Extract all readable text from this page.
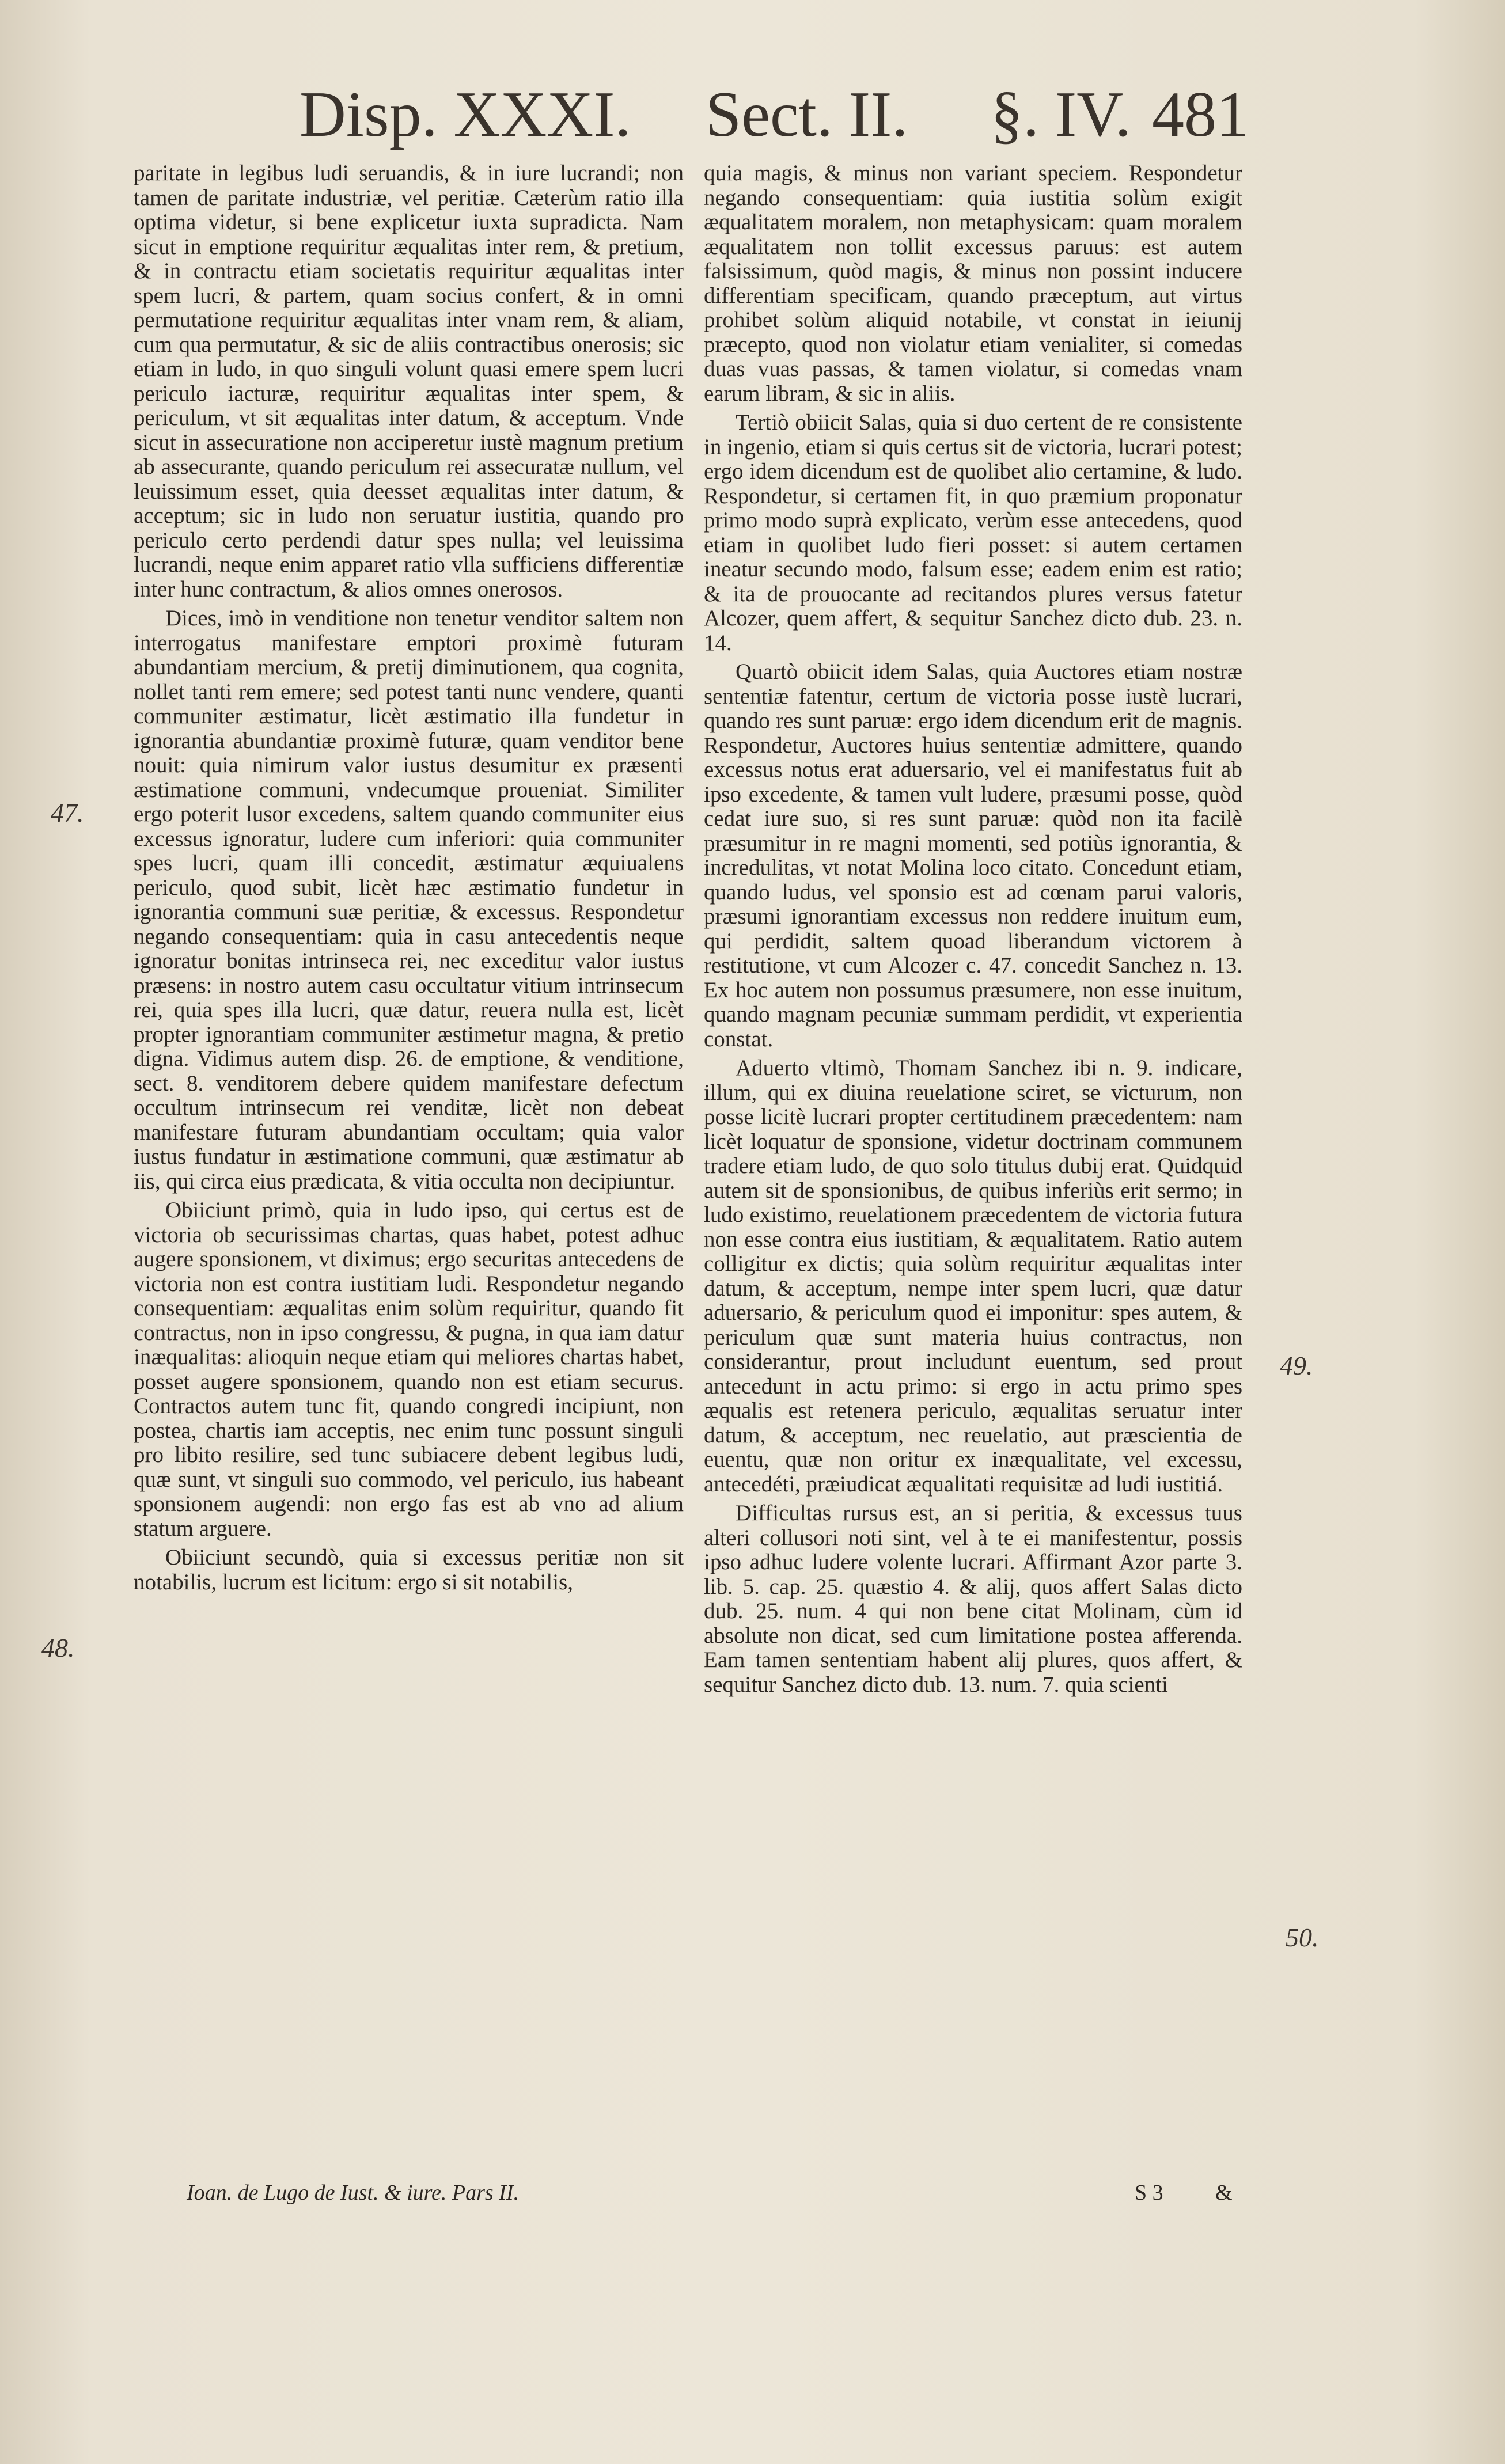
Disp. XXXI. Sect. II. §. IV. 481

paritate in legibus ludi seruandis, & in iure lucrandi; non tamen de paritate industriæ, vel peritiæ. Cæterùm ratio illa optima videtur, si bene explicetur iuxta supradicta. Nam sicut in emptione requiritur æqualitas inter rem, & pretium, & in contractu etiam societatis requiritur æqualitas inter spem lucri, & partem, quam socius confert, & in omni permutatione requiritur æqualitas inter vnam rem, & aliam, cum qua permutatur, & sic de aliis contractibus onerosis; sic etiam in ludo, in quo singuli volunt quasi emere spem lucri periculo iacturæ, requiritur æqualitas inter spem, & periculum, vt sit æqualitas inter datum, & acceptum. Vnde sicut in assecuratione non acciperetur iustè magnum pretium ab assecurante, quando periculum rei assecuratæ nullum, vel leuissimum esset, quia deesset æqualitas inter datum, & acceptum; sic in ludo non seruatur iustitia, quando pro periculo certo perdendi datur spes nulla; vel leuissima lucrandi, neque enim apparet ratio vlla sufficiens differentiæ inter hunc contractum, & alios omnes onerosos.

Dices, imò in venditione non tenetur venditor saltem non interrogatus manifestare emptori proximè futuram abundantiam mercium, & pretij diminutionem, qua cognita, nollet tanti rem emere; sed potest tanti nunc vendere, quanti communiter æstimatur, licèt æstimatio illa fundetur in ignorantia abundantiæ proximè futuræ, quam venditor bene nouit: quia nimirum valor iustus desumitur ex præsenti æstimatione communi, vndecumque proueniat. Similiter ergo poterit lusor excedens, saltem quando communiter eius excessus ignoratur, ludere cum inferiori: quia communiter spes lucri, quam illi concedit, æstimatur æquiualens periculo, quod subit, licèt hæc æstimatio fundetur in ignorantia communi suæ peritiæ, & excessus. Respondetur negando consequentiam: quia in casu antecedentis neque ignoratur bonitas intrinseca rei, nec exceditur valor iustus præsens: in nostro autem casu occultatur vitium intrinsecum rei, quia spes illa lucri, quæ datur, reuera nulla est, licèt propter ignorantiam communiter æstimetur magna, & pretio digna. Vidimus autem disp. 26. de emptione, & venditione, sect. 8. venditorem debere quidem manifestare defectum occultum intrinsecum rei venditæ, licèt non debeat manifestare futuram abundantiam occultam; quia valor iustus fundatur in æstimatione communi, quæ æstimatur ab iis, qui circa eius prædicata, & vitia occulta non decipiuntur.

Obiiciunt primò, quia in ludo ipso, qui certus est de victoria ob securissimas chartas, quas habet, potest adhuc augere sponsionem, vt diximus; ergo securitas antecedens de victoria non est contra iustitiam ludi. Respondetur negando consequentiam: æqualitas enim solùm requiritur, quando fit contractus, non in ipso congressu, & pugna, in qua iam datur inæqualitas: alioquin neque etiam qui meliores chartas habet, posset augere sponsionem, quando non est etiam securus. Contractos autem tunc fit, quando congredi incipiunt, non postea, chartis iam acceptis, nec enim tunc possunt singuli pro libito resilire, sed tunc subiacere debent legibus ludi, quæ sunt, vt singuli suo commodo, vel periculo, ius habeant sponsionem augendi: non ergo fas est ab vno ad alium statum arguere.

Obiiciunt secundò, quia si excessus peritiæ non sit notabilis, lucrum est licitum: ergo si sit notabilis,

quia magis, & minus non variant speciem. Respondetur negando consequentiam: quia iustitia solùm exigit æqualitatem moralem, non metaphysicam: quam moralem æqualitatem non tollit excessus paruus: est autem falsissimum, quòd magis, & minus non possint inducere differentiam specificam, quando præceptum, aut virtus prohibet solùm aliquid notabile, vt constat in ieiunij præcepto, quod non violatur etiam venialiter, si comedas duas vuas passas, & tamen violatur, si comedas vnam earum libram, & sic in aliis.

Tertiò obiicit Salas, quia si duo certent de re consistente in ingenio, etiam si quis certus sit de victoria, lucrari potest; ergo idem dicendum est de quolibet alio certamine, & ludo. Respondetur, si certamen fit, in quo præmium proponatur primo modo suprà explicato, verùm esse antecedens, quod etiam in quolibet ludo fieri posset: si autem certamen ineatur secundo modo, falsum esse; eadem enim est ratio; & ita de prouocante ad recitandos plures versus fatetur Alcozer, quem affert, & sequitur Sanchez dicto dub. 23. n. 14.

Quartò obiicit idem Salas, quia Auctores etiam nostræ sententiæ fatentur, certum de victoria posse iustè lucrari, quando res sunt paruæ: ergo idem dicendum erit de magnis. Respondetur, Auctores huius sententiæ admittere, quando excessus notus erat aduersario, vel ei manifestatus fuit ab ipso excedente, & tamen vult ludere, præsumi posse, quòd cedat iure suo, si res sunt paruæ: quòd non ita facilè præsumitur in re magni momenti, sed potiùs ignorantia, & incredulitas, vt notat Molina loco citato. Concedunt etiam, quando ludus, vel sponsio est ad cœnam parui valoris, præsumi ignorantiam excessus non reddere inuitum eum, qui perdidit, saltem quoad liberandum victorem à restitutione, vt cum Alcozer c. 47. concedit Sanchez n. 13. Ex hoc autem non possumus præsumere, non esse inuitum, quando magnam pecuniæ summam perdidit, vt experientia constat.

Aduerto vltimò, Thomam Sanchez ibi n. 9. indicare, illum, qui ex diuina reuelatione sciret, se victurum, non posse licitè lucrari propter certitudinem præcedentem: nam licèt loquatur de sponsione, videtur doctrinam communem tradere etiam ludo, de quo solo titulus dubij erat. Quidquid autem sit de sponsionibus, de quibus inferiùs erit sermo; in ludo existimo, reuelationem præcedentem de victoria futura non esse contra eius iustitiam, & æqualitatem. Ratio autem colligitur ex dictis; quia solùm requiritur æqualitas inter datum, & acceptum, nempe inter spem lucri, quæ datur aduersario, & periculum quod ei imponitur: spes autem, & periculum quæ sunt materia huius contractus, non considerantur, prout includunt euentum, sed prout antecedunt in actu primo: si ergo in actu primo spes æqualis est retenera periculo, æqualitas seruatur inter datum, & acceptum, nec reuelatio, aut præscientia de euentu, quæ non oritur ex inæqualitate, vel excessu, antecedéti, præiudicat æqualitati requisitæ ad ludi iustitiá.

Difficultas rursus est, an si peritia, & excessus tuus alteri collusori noti sint, vel à te ei manifestentur, possis ipso adhuc ludere volente lucrari. Affirmant Azor parte 3. lib. 5. cap. 25. quæstio 4. & alij, quos affert Salas dicto dub. 25. num. 4 qui non bene citat Molinam, cùm id absolute non dicat, sed cum limitatione postea afferenda. Eam tamen sententiam habent alij plures, quos affert, & sequitur Sanchez dicto dub. 13. num. 7. quia scienti

47.
48.
49.
50.
Ioan. de Lugo de Iust. & iure. Pars II.	S 3 &
